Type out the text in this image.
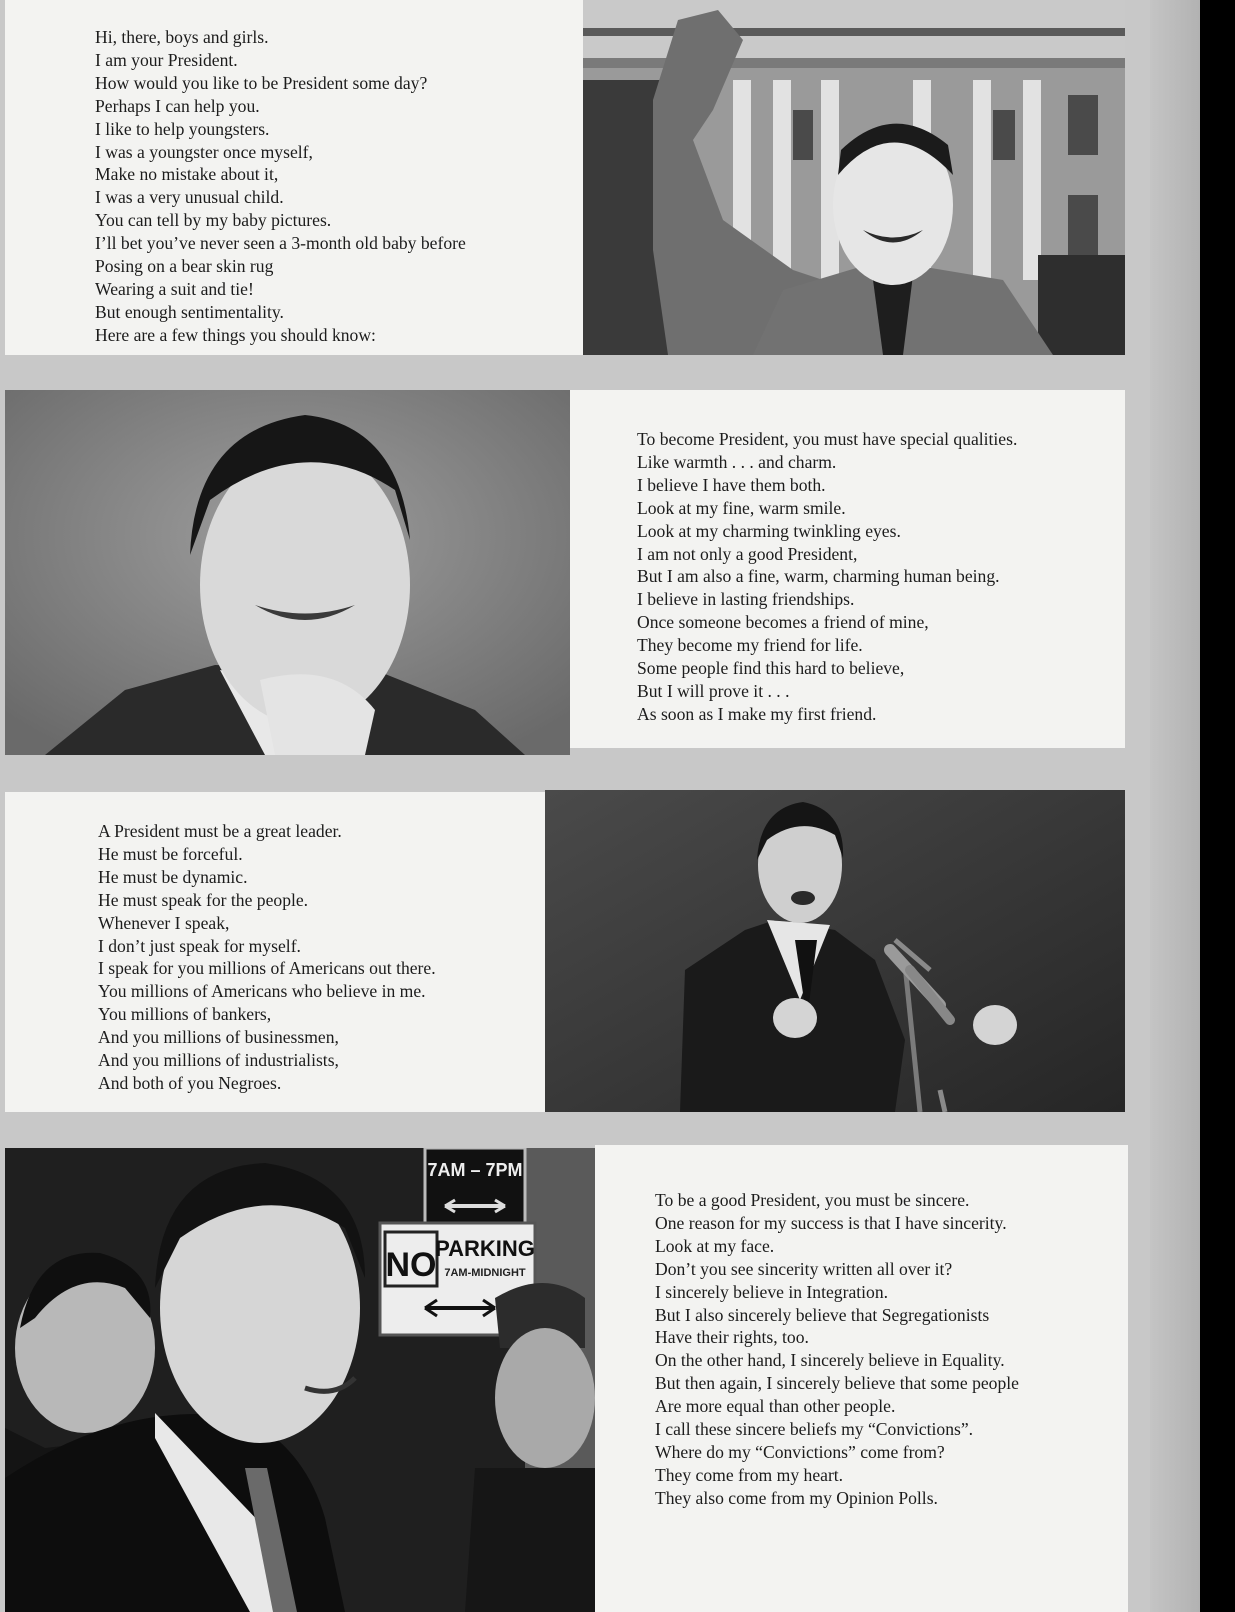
Hi, there, boys and girls.
I am your President.
How would you like to be President some day?
Perhaps I can help you.
I like to help youngsters.
I was a youngster once myself,
Make no mistake about it,
I was a very unusual child.
You can tell by my baby pictures.
I’ll bet you’ve never seen a 3-month old baby before
Posing on a bear skin rug
Wearing a suit and tie!
But enough sentimentality.
Here are a few things you should know:
To become President, you must have special qualities.
Like warmth . . . and charm.
I believe I have them both.
Look at my fine, warm smile.
Look at my charming twinkling eyes.
I am not only a good President,
But I am also a fine, warm, charming human being.
I believe in lasting friendships.
Once someone becomes a friend of mine,
They become my friend for life.
Some people find this hard to believe,
But I will prove it . . .
As soon as I make my first friend.
A President must be a great leader.
He must be forceful.
He must be dynamic.
He must speak for the people.
Whenever I speak,
I don’t just speak for myself.
I speak for you millions of Americans out there.
You millions of Americans who believe in me.
You millions of bankers,
And you millions of businessmen,
And you millions of industrialists,
And both of you Negroes.
7AM – 7PM
NO
PARKING
7AM-MIDNIGHT
To be a good President, you must be sincere.
One reason for my success is that I have sincerity.
Look at my face.
Don’t you see sincerity written all over it?
I sincerely believe in Integration.
But I also sincerely believe that Segregationists
Have their rights, too.
On the other hand, I sincerely believe in Equality.
But then again, I sincerely believe that some people
Are more equal than other people.
I call these sincere beliefs my “Convictions”.
Where do my “Convictions” come from?
They come from my heart.
They also come from my Opinion Polls.
